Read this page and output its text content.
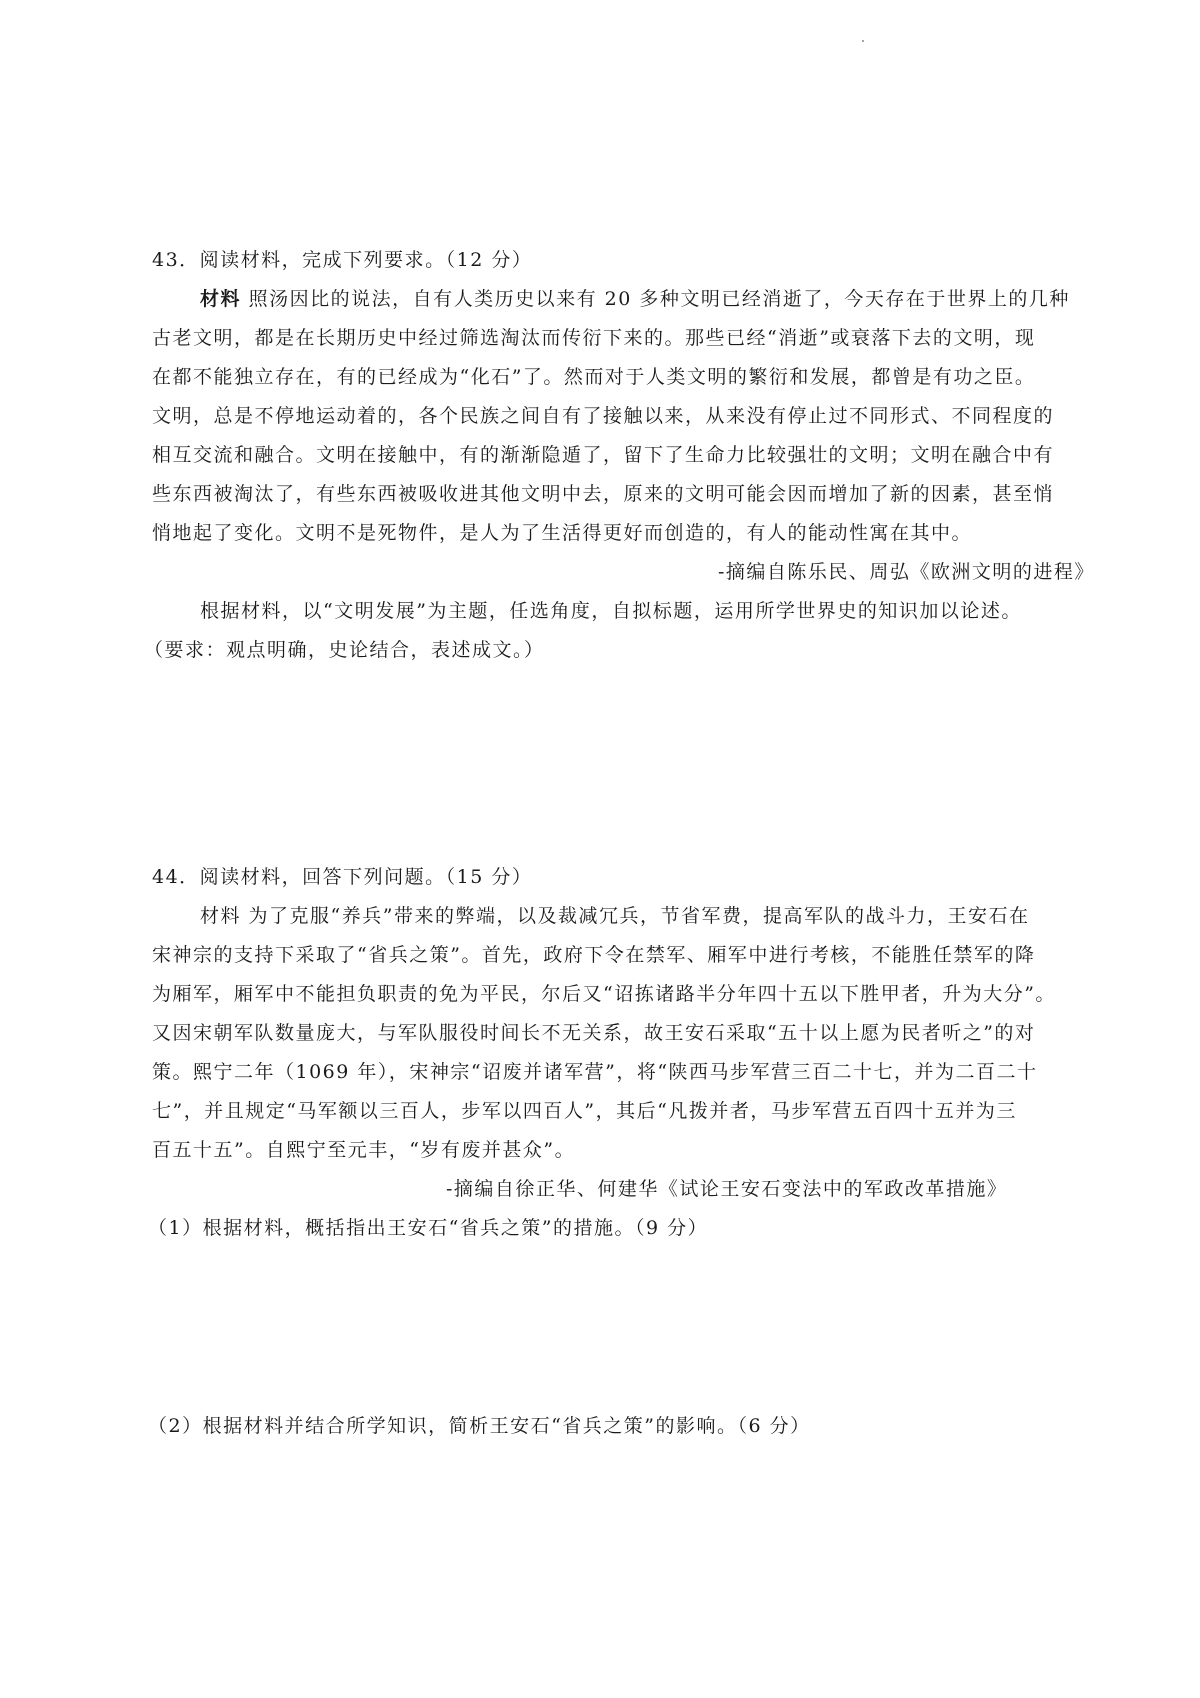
43．阅读材料，完成下列要求。（12 分）
材料 照汤因比的说法，自有人类历史以来有 20 多种文明已经消逝了，今天存在于世界上的几种
古老文明，都是在长期历史中经过筛选淘汰而传衍下来的。那些已经“消逝”或衰落下去的文明，现
在都不能独立存在，有的已经成为“化石”了。然而对于人类文明的繁衍和发展，都曾是有功之臣。
文明，总是不停地运动着的，各个民族之间自有了接触以来，从来没有停止过不同形式、不同程度的
相互交流和融合。文明在接触中，有的渐渐隐遁了，留下了生命力比较强壮的文明；文明在融合中有
些东西被淘汰了，有些东西被吸收进其他文明中去，原来的文明可能会因而增加了新的因素，甚至悄
悄地起了变化。文明不是死物件，是人为了生活得更好而创造的，有人的能动性寓在其中。
-摘编自陈乐民、周弘《欧洲文明的进程》
根据材料，以“文明发展”为主题，任选角度，自拟标题，运用所学世界史的知识加以论述。
（要求：观点明确，史论结合，表述成文。）
44．阅读材料，回答下列问题。（15 分）
材料 为了克服“养兵”带来的弊端，以及裁减冗兵，节省军费，提高军队的战斗力，王安石在
宋神宗的支持下采取了“省兵之策”。首先，政府下令在禁军、厢军中进行考核，不能胜任禁军的降
为厢军，厢军中不能担负职责的免为平民，尔后又“诏拣诸路半分年四十五以下胜甲者，升为大分”。
又因宋朝军队数量庞大，与军队服役时间长不无关系，故王安石采取“五十以上愿为民者听之”的对
策。熙宁二年（1069 年），宋神宗“诏废并诸军营”，将“陕西马步军营三百二十七，并为二百二十
七”，并且规定“马军额以三百人，步军以四百人”，其后“凡拨并者，马步军营五百四十五并为三
百五十五”。自熙宁至元丰，“岁有废并甚众”。
-摘编自徐正华、何建华《试论王安石变法中的军政改革措施》
（1）根据材料，概括指出王安石“省兵之策”的措施。（9 分）
（2）根据材料并结合所学知识，简析王安石“省兵之策”的影响。（6 分）
